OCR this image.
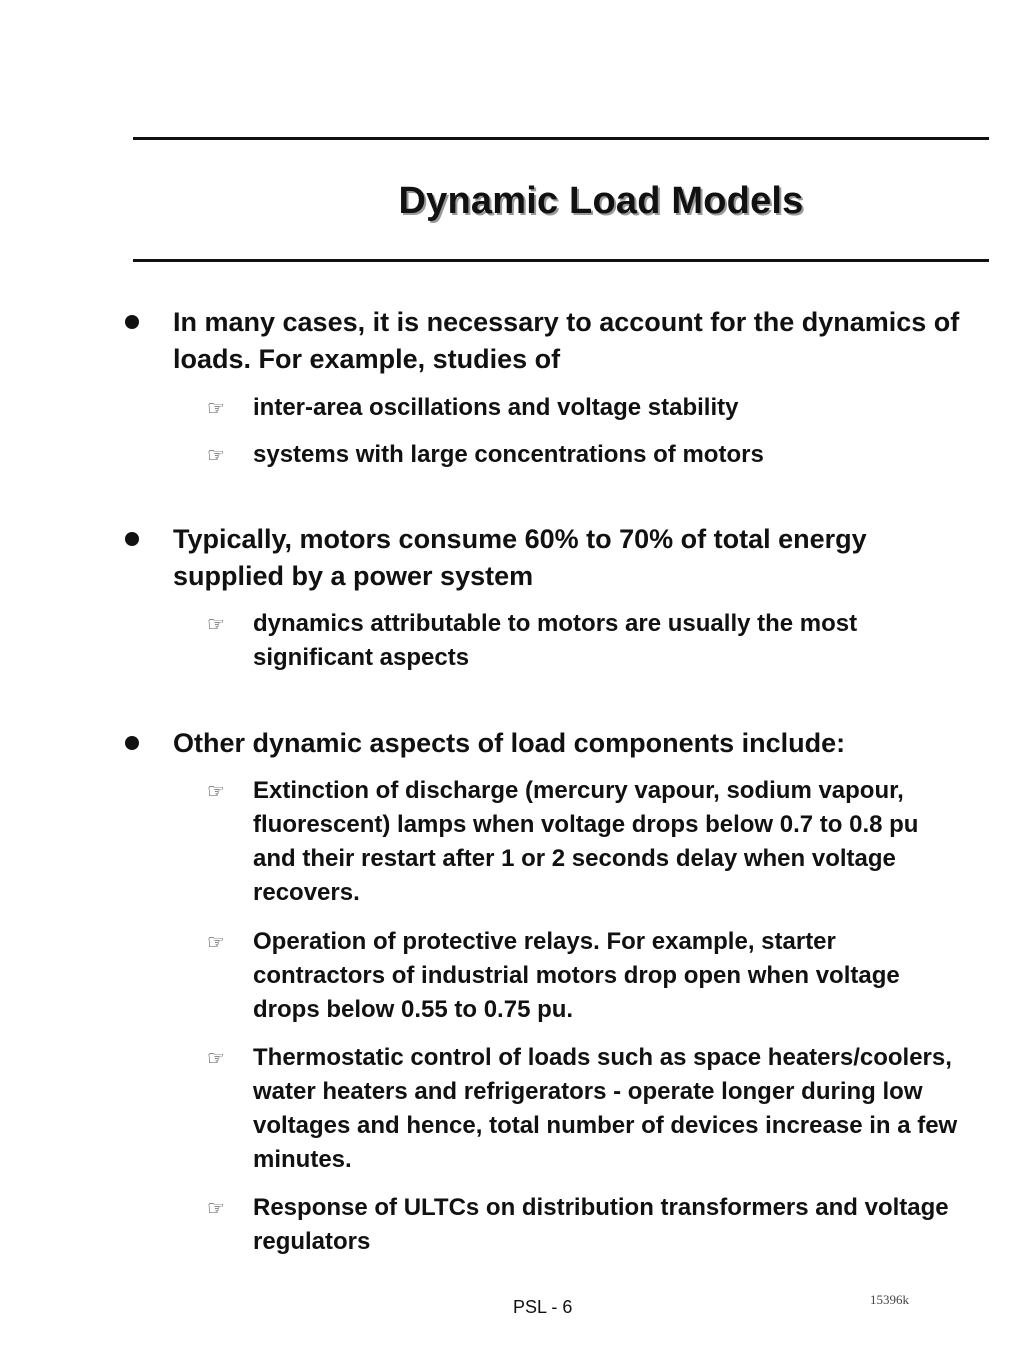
Dynamic Load Models
In many cases, it is necessary to account for the dynamics of loads. For example, studies of
☞ inter-area oscillations and voltage stability
☞ systems with large concentrations of motors
Typically, motors consume 60% to 70% of total energy supplied by a power system
☞ dynamics attributable to motors are usually the most significant aspects
Other dynamic aspects of load components include:
☞ Extinction of discharge (mercury vapour, sodium vapour, fluorescent) lamps when voltage drops below 0.7 to 0.8 pu and their restart after 1 or 2 seconds delay when voltage recovers.
☞ Operation of protective relays. For example, starter contractors of industrial motors drop open when voltage drops below 0.55 to 0.75 pu.
☞ Thermostatic control of loads such as space heaters/coolers, water heaters and refrigerators - operate longer during low voltages and hence, total number of devices increase in a few minutes.
☞ Response of ULTCs on distribution transformers and voltage regulators
PSL - 6	15396k
